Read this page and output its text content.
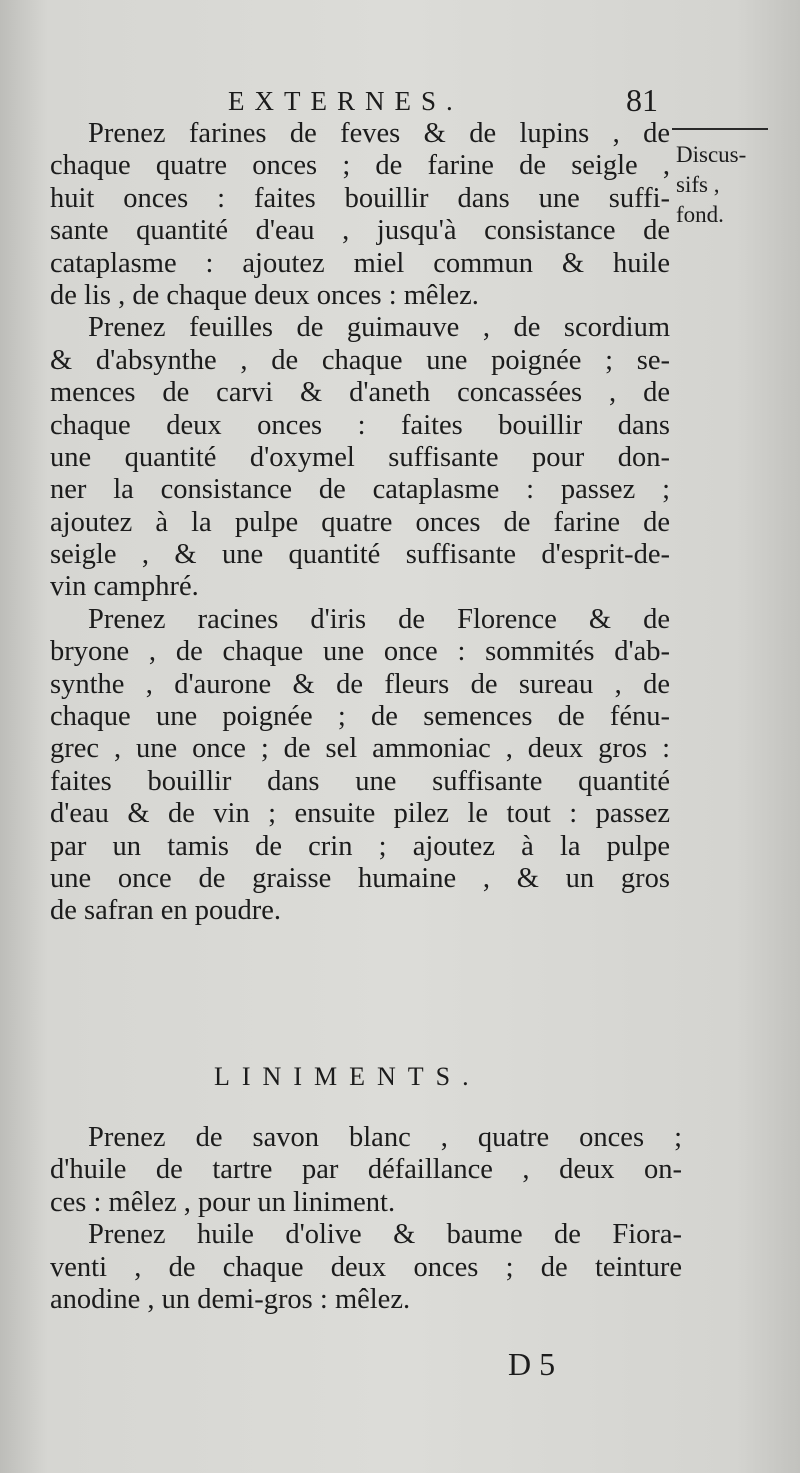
EXTERNES.	81
Discus-
sifs ,
fond.
Prenez farines de feves & de lupins , de
chaque quatre onces ; de farine de seigle ,
huit onces : faites bouillir dans une suffi-
sante quantité d'eau , jusqu'à consistance de
cataplasme : ajoutez miel commun & huile
de lis , de chaque deux onces : mêlez.
Prenez feuilles de guimauve , de scordium
& d'absynthe , de chaque une poignée ; se-
mences de carvi & d'aneth concassées , de
chaque deux onces : faites bouillir dans
une quantité d'oxymel suffisante pour don-
ner la consistance de cataplasme : passez ;
ajoutez à la pulpe quatre onces de farine de
seigle , & une quantité suffisante d'esprit-de-
vin camphré.
Prenez racines d'iris de Florence & de
bryone , de chaque une once : sommités d'ab-
synthe , d'aurone & de fleurs de sureau , de
chaque une poignée ; de semences de fénu-
grec , une once ; de sel ammoniac , deux gros :
faites bouillir dans une suffisante quantité
d'eau & de vin ; ensuite pilez le tout : passez
par un tamis de crin ; ajoutez à la pulpe
une once de graisse humaine , & un gros
de safran en poudre.
LINIMENTS.
Prenez de savon blanc , quatre onces ;
d'huile de tartre par défaillance , deux on-
ces : mêlez , pour un liniment.
Prenez huile d'olive & baume de Fiora-
venti , de chaque deux onces ; de teinture
anodine , un demi-gros : mêlez.
D 5
